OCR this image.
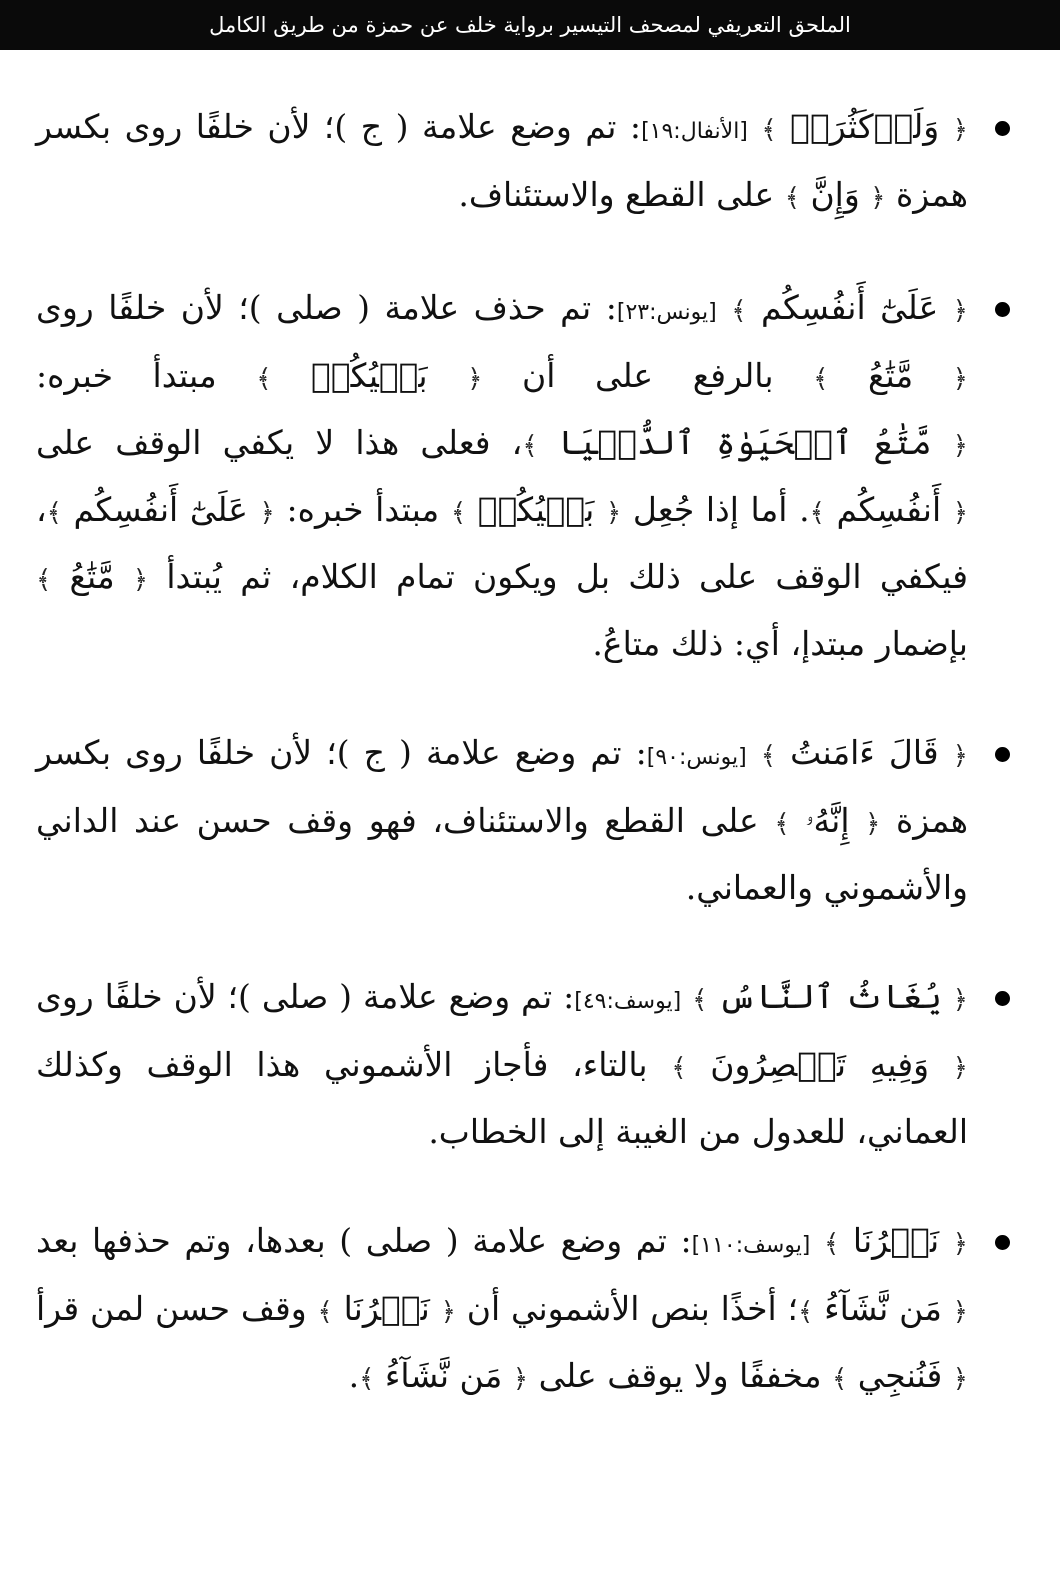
الملحق التعريفي لمصحف التيسير برواية خلف عن حمزة من طريق الكامل

﴿ وَلَوۡكَثُرَتۡ ﴾ [الأنفال:١٩]: تم وضع علامة ( ج )؛ لأن خلفًا روى بكسر همزة ﴿ وَإِنَّ ﴾ على القطع والاستئناف.

﴿ عَلَىٰٓ أَنفُسِكُم ﴾ [يونس:٢٣]: تم حذف علامة ( صلى )؛ لأن خلفًا روى ﴿ مَّتَٰعُ ﴾ بالرفع على أن ﴿ بَغۡيُكُمۡ ﴾ مبتدأ خبره: ﴿ مَّتَٰعُ ٱلۡحَيَوٰةِ ٱلدُّنۡيَا ﴾، فعلى هذا لا يكفي الوقف على ﴿ أَنفُسِكُم ﴾. أما إذا جُعِل ﴿ بَغۡيُكُمۡ ﴾ مبتدأ خبره: ﴿ عَلَىٰٓ أَنفُسِكُم ﴾، فيكفي الوقف على ذلك بل ويكون تمام الكلام، ثم يُبتدأ ﴿ مَّتَٰعُ ﴾ بإضمار مبتدإ، أي: ذلك متاعُ.

﴿ قَالَ ءَامَنتُ ﴾ [يونس:٩٠]: تم وضع علامة ( ج )؛ لأن خلفًا روى بكسر همزة ﴿ إِنَّهُۥ ﴾ على القطع والاستئناف، فهو وقف حسن عند الداني والأشموني والعماني.

﴿ يُغَاثُ ٱلنَّاسُ ﴾ [يوسف:٤٩]: تم وضع علامة ( صلى )؛ لأن خلفًا روى ﴿ وَفِيهِ تَعۡصِرُونَ ﴾ بالتاء، فأجاز الأشموني هذا الوقف وكذلك العماني، للعدول من الغيبة إلى الخطاب.

﴿ نَصۡرُنَا ﴾ [يوسف:١١٠]: تم وضع علامة ( صلى ) بعدها، وتم حذفها بعد ﴿ مَن نَّشَآءُ ﴾؛ أخذًا بنص الأشموني أن ﴿ نَصۡرُنَا ﴾ وقف حسن لمن قرأ ﴿ فَنُنجِي ﴾ مخففًا ولا يوقف على ﴿ مَن نَّشَآءُ ﴾.
